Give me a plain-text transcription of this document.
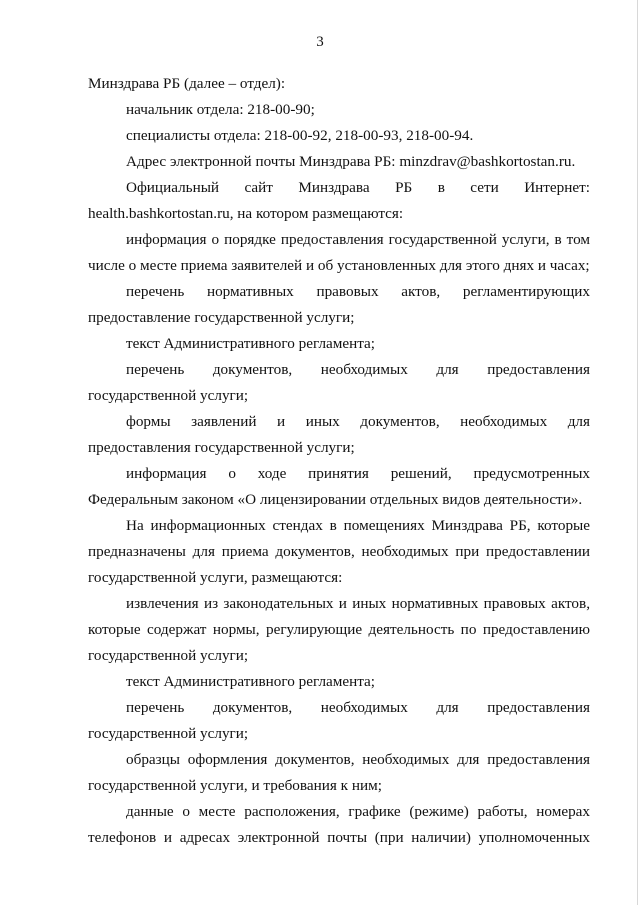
3
Минздрава РБ (далее – отдел):
начальник отдела: 218-00-90;
специалисты отдела: 218-00-92, 218-00-93, 218-00-94.
Адрес электронной почты Минздрава РБ: minzdrav@bashkortostan.ru.
Официальный сайт Минздрава РБ в сети Интернет:
health.bashkortostan.ru, на котором размещаются:
информация о порядке предоставления государственной услуги, в том
числе о месте приема заявителей и об установленных для этого днях и часах;
перечень нормативных правовых актов, регламентирующих
предоставление государственной услуги;
текст Административного регламента;
перечень документов, необходимых для предоставления
государственной услуги;
формы заявлений и иных документов, необходимых для
предоставления государственной услуги;
информация о ходе принятия решений, предусмотренных
Федеральным законом «О лицензировании отдельных видов деятельности».
На информационных стендах в помещениях Минздрава РБ, которые
предназначены для приема документов, необходимых при предоставлении
государственной услуги, размещаются:
извлечения из законодательных и иных нормативных правовых актов,
которые содержат нормы, регулирующие деятельность по предоставлению
государственной услуги;
текст Административного регламента;
перечень документов, необходимых для предоставления
государственной услуги;
образцы оформления документов, необходимых для предоставления
государственной услуги, и требования к ним;
данные о месте расположения, графике (режиме) работы, номерах
телефонов и адресах электронной почты (при наличии) уполномоченных
